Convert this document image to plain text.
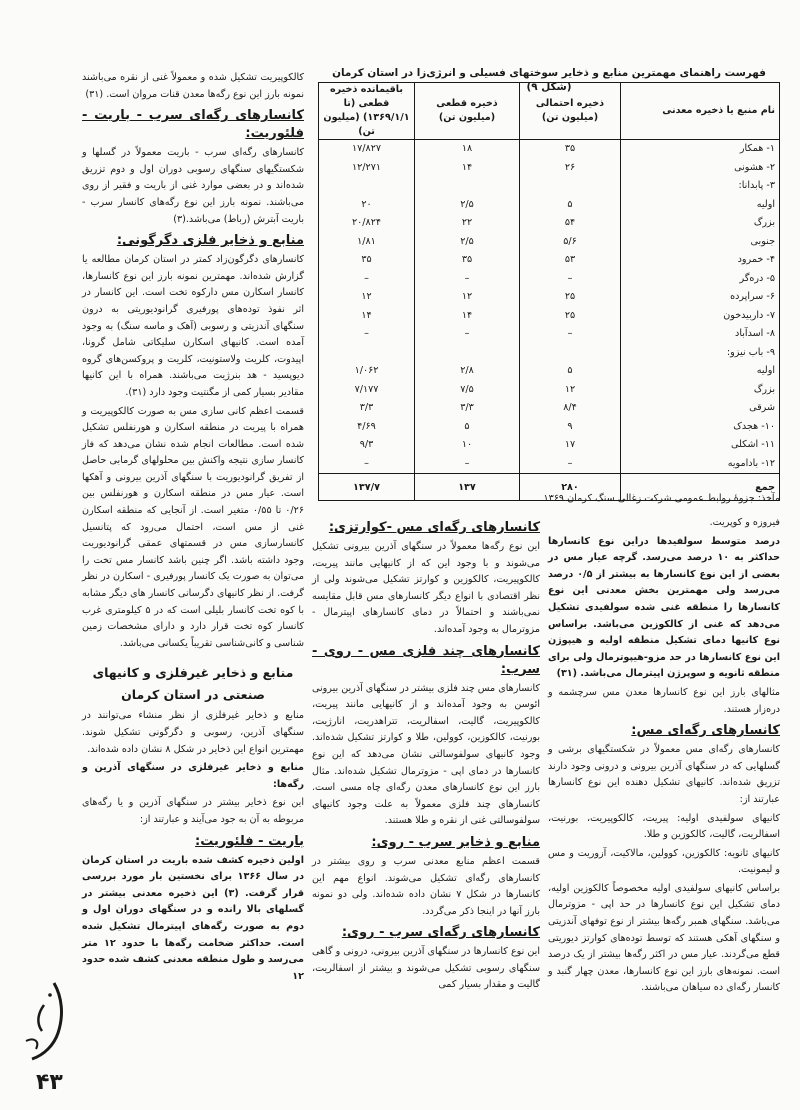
فهرست راهنمای مهمترین منابع و ذخایر سوختهای فسیلی و انرژی‌زا در استان کرمان (شکل ۹)
نام منبع یا ذخیره معدنی	ذخیره احتمالی (میلیون تن)	ذخیره قطعی (میلیون تن)	باقیمانده ذخیره قطعی (تا ۱۳۶۹/۱/۱) (میلیون تن)
۱- همکار	۳۵	۱۸	۱۷/۸۲۷
۲- هشونی	۲۶	۱۴	۱۲/۲۷۱
۳- پابدانا:			
اولیه	۵	۲/۵	۲۰
بزرگ	۵۴	۲۲	۲۰/۸۲۴
جنوبی	۵/۶	۲/۵	۱/۸۱
۴- خمرود	۵۳	۳۵	۳۵
۵- دره‌گر	–	–	–
۶- سراپرده	۲۵	۱۲	۱۲
۷- داربیدخون	۲۵	۱۴	۱۴
۸- اسدآباد	–	–	–
۹- باب نیزو:			
اولیه	۵	۲/۸	۱/۰۶۲
بزرگ	۱۲	۷/۵	۷/۱۷۷
شرقی	۸/۴	۳/۳	۳/۳
۱۰- هجدک	۹	۵	۴/۶۹
۱۱- اشکلی	۱۷	۱۰	۹/۳
۱۲- بادامویه	–	–	–
جمع	۲۸۰	۱۳۷	۱۳۷/۷
مآخذ: جزوهٔ روابط عمومی شرکت زغالی سنگ کرمان ۱۳۶۹

فیروزه و کوپریت.

درصد متوسط سولفیدها دراین نوع کانسارها حداکثر به ۱۰ درصد می‌رسد. گرچه عیار مس در بعضی از این نوع کانسارها به بیشتر از ۰/۵ درصد می‌رسد ولی مهمترین بخش معدنی این نوع کانسارها را منطقه غنی شده سولفیدی تشکیل می‌دهد که غنی از کالکوزین می‌باشد. براساس نوع کانیها دمای تشکیل منطقه اولیه و هیپوژن این نوع کانسارها در حد مزو-هیپوترمال ولی برای منطقه ثانویه و سوپرژن اپیترمال می‌باشد. (۳۱)

مثالهای بارز این نوع کانسارها معدن مس سرچشمه و دره‌زار هستند.

کانسارهای رگه‌ای مس:

کانسارهای رگه‌ای مس معمولاً در شکستگیهای برشی و گسلهایی که در سنگهای آذرین بیرونی و درونی وجود دارند تزریق شده‌اند. کانیهای تشکیل دهنده این نوع کانسارها عبارتند از:

کانیهای سولفیدی اولیه: پیریت، کالکوپیریت، بورنیت، اسفالریت، گالیت، کالکوزین و طلا.

کانیهای ثانویه: کالکوزین، کوولین، مالاکیت، آزوریت و مس و لیمونیت.

براساس کانیهای سولفیدی اولیه مخصوصاً کالکوزین اولیه، دمای تشکیل این نوع کانسارها در حد اپی - مزوترمال می‌باشد. سنگهای همبر رگه‌ها بیشتر از نوع توفهای آندزیتی و سنگهای آهکی هستند که توسط توده‌های کوارتز دیوریتی قطع می‌گردند. عیار مس در اکثر رگه‌ها بیشتر از یک درصد است. نمونه‌های بارز این نوع کانسارها، معدن چهار گنبد و کانسار رگه‌ای ده سیاهان می‌باشند.

کانسارهای رگه‌ای مس -کوارتزی:

این نوع رگه‌ها معمولاً در سنگهای آذرین بیرونی تشکیل می‌شوند و با وجود این که از کانیهایی مانند پیریت، کالکوپیریت، کالکوزین و کوارتز تشکیل می‌شوند ولی از نظر اقتصادی با انواع دیگر کانسارهای مس قابل مقایسه نمی‌باشند و احتمالاً در دمای کانسارهای اپیترمال - مزوترمال به وجود آمده‌اند.

کانسارهای چند فلزی مس - روی - سرب:

کانسارهای مس چند فلزی بیشتر در سنگهای آذرین بیرونی ائوسن به وجود آمده‌اند و از کانیهایی مانند پیریت، کالکوپیریت، گالیت، اسفالریت، تتراهدریت، انارژیت، بورنیت، کالکوزین، کوولین، طلا و کوارتز تشکیل شده‌اند. وجود کانیهای سولفوسالتی نشان می‌دهد که این نوع کانسارها در دمای اپی - مزوترمال تشکیل شده‌اند. مثال بارز این نوع کانسارهای معدن رگه‌ای چاه مسی است. کانسارهای چند فلزی معمولاً به علت وجود کانیهای سولفوسالتی غنی از نقره و طلا هستند.

منابع و ذخایر سرب - روی:

قسمت اعظم منابع معدنی سرب و روی بیشتر در کانسارهای رگه‌ای تشکیل می‌شوند. انواع مهم این کانسارها در شکل ۷ نشان داده شده‌اند. ولی دو نمونه بارز آنها در اینجا ذکر می‌گردد.

کانسارهای رگه‌ای سرب - روی:

این نوع کانسارها در سنگهای آذرین بیرونی، درونی و گاهی سنگهای رسوبی تشکیل می‌شوند و بیشتر از اسفالریت، گالیت و مقدار بسیار کمی

کالکوپیریت تشکیل شده و معمولاً غنی از نقره می‌باشند نمونه بارز این نوع رگه‌ها معدن قنات مروان است. (۳۱)

کانسارهای رگه‌ای سرب - باریت - فلئوریت:

کانسارهای رگه‌ای سرب - باریت معمولاً در گسلها و شکستگیهای سنگهای رسوبی دوران اول و دوم تزریق شده‌اند و در بعضی موارد غنی از باریت و فقیر از روی می‌باشند. نمونه بارز این نوع رگه‌های کانسار سرب - باریت آبترش (رباط) می‌باشد.(۳)

منابع و ذخایر فلزی دگرگونی:

کانسارهای دگرگون‌زاد کمتر در استان کرمان مطالعه یا گزارش شده‌اند. مهمترین نمونه بارز این نوع کانسارها، کانسار اسکارن مس دارکوه تخت است. این کانسار در اثر نفوذ توده‌های پورفیری گرانودیوریتی به درون سنگهای آندزیتی و رسوبی (آهک و ماسه سنگ) به وجود آمده است. کانیهای اسکارن سلیکاتی شامل گرونا، اپیدوت، کلریت ولاستونیت، کلریت و پروکسن‌های گروه دیوپسید - هد بنرژیت می‌باشند. همراه با این کانیها مقادیر بسیار کمی از مگنتیت وجود دارد (۳۱).

قسمت اعظم کانی سازی مس به صورت کالکوپیریت و همراه با پیریت در منطقه اسکارن و هورنفلس تشکیل شده است. مطالعات انجام شده نشان می‌دهد که فاز کانسار سازی نتیجه واکنش بین محلولهای گرمابی حاصل از تفریق گرانودیوریت با سنگهای آذرین بیرونی و آهکها است. عیار مس در منطقه اسکارن و هورنفلس بین ۰/۲۶ تا ۰/۵۵ متغیر است. از آنجایی که منطقه اسکارن غنی از مس است، احتمال می‌رود که پتانسیل کانسارسازی مس در قسمتهای عمقی گرانودیوریت وجود داشته باشد. اگر چنین باشد کانسار مس تخت را می‌توان به صورت یک کانسار پورفیری - اسکارن در نظر گرفت. از نظر کانیهای دگرسانی کانسار های دیگر مشابه با کوه تخت کانسار بلیلی است که در ۵ کیلومتری غرب کانسار کوه تخت قرار دارد و دارای مشخصات زمین شناسی و کانی‌شناسی تقریباً یکسانی می‌باشد.

منابع و ذخایر غیرفلزی و کانیهای صنعتی در استان کرمان

منابع و ذخایر غیرفلزی از نظر منشاء می‌توانند در سنگهای آذرین، رسوبی و دگرگونی تشکیل شوند. مهمترین انواع این ذخایر در شکل ۸ نشان داده شده‌اند.

منابع و ذخایر غیرفلزی در سنگهای آذرین و رگه‌ها:

این نوع ذخایر بیشتر در سنگهای آذرین و یا رگه‌های مربوطه به آن به جود می‌آیند و عبارتند از:

باریت - فلئوریت:

اولین ذخیره کشف شده باریت در استان کرمان در سال ۱۳۶۶ برای نخستین بار مورد بررسی قرار گرفت. (۳) این ذخیره معدنی بیشتر در گسلهای بالا رانده و در سنگهای دوران اول و دوم به صورت رگه‌های اپیترمال تشکیل شده است. حداکثر ضخامت رگه‌ها با حدود ۱۲ متر می‌رسد و طول منطقه معدنی کشف شده حدود ۱۲

۴۳
